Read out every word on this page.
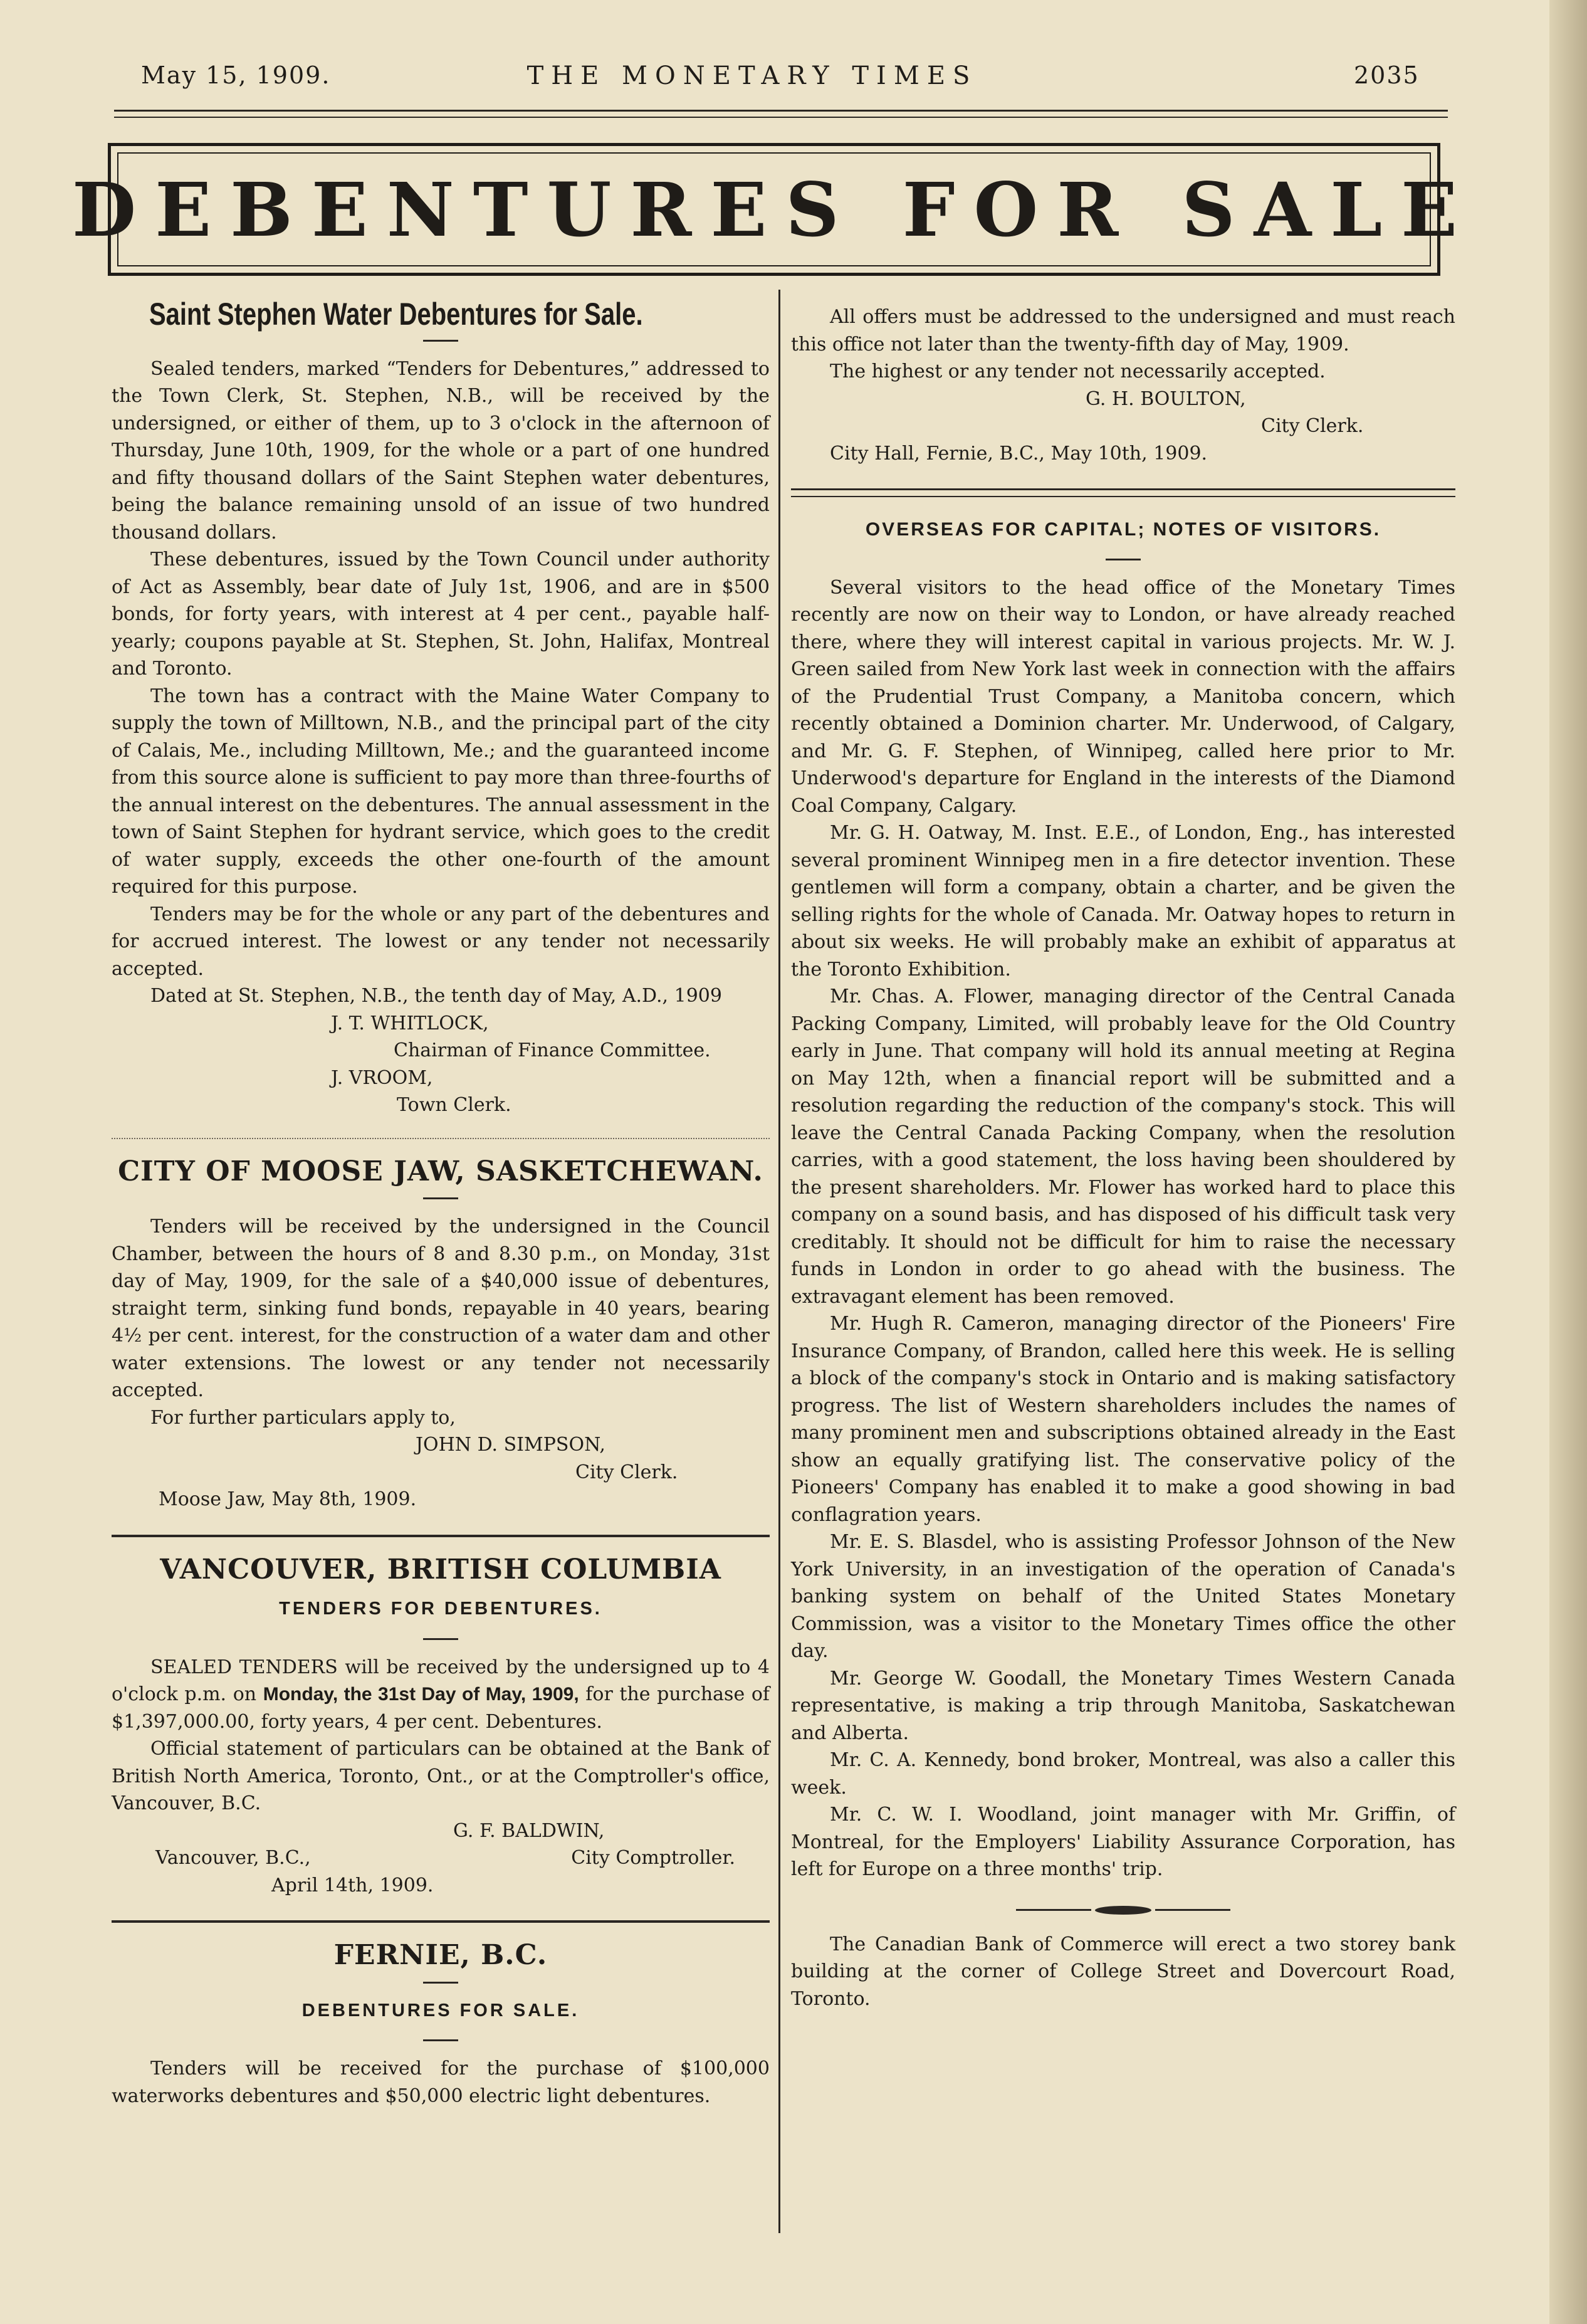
May 15, 1909.	THE MONETARY TIMES	2035
DEBENTURES FOR SALE
Saint Stephen Water Debentures for Sale.

Sealed tenders, marked “Tenders for Debentures,” addressed to the Town Clerk, St. Stephen, N.B., will be received by the undersigned, or either of them, up to 3 o'clock in the afternoon of Thursday, June 10th, 1909, for the whole or a part of one hundred and fifty thousand dollars of the Saint Stephen water debentures, being the balance remaining unsold of an issue of two hundred thousand dollars.

These debentures, issued by the Town Council under authority of Act as Assembly, bear date of July 1st, 1906, and are in $500 bonds, for forty years, with interest at 4 per cent., payable half-yearly; coupons payable at St. Stephen, St. John, Halifax, Montreal and Toronto.

The town has a contract with the Maine Water Company to supply the town of Milltown, N.B., and the principal part of the city of Calais, Me., including Milltown, Me.; and the guaranteed income from this source alone is sufficient to pay more than three-fourths of the annual interest on the debentures. The annual assessment in the town of Saint Stephen for hydrant service, which goes to the credit of water supply, exceeds the other one-fourth of the amount required for this purpose.

Tenders may be for the whole or any part of the debentures and for accrued interest. The lowest or any tender not necessarily accepted.

Dated at St. Stephen, N.B., the tenth day of May, A.D., 1909

J. T. WHITLOCK,

Chairman of Finance Committee.

J. VROOM,

Town Clerk.

CITY OF MOOSE JAW, SASKETCHEWAN.

Tenders will be received by the undersigned in the Council Chamber, between the hours of 8 and 8.30 p.m., on Monday, 31st day of May, 1909, for the sale of a $40,000 issue of debentures, straight term, sinking fund bonds, repayable in 40 years, bearing 4½ per cent. interest, for the construction of a water dam and other water extensions. The lowest or any tender not necessarily accepted.

For further particulars apply to,

JOHN D. SIMPSON,

City Clerk.

Moose Jaw, May 8th, 1909.

VANCOUVER, BRITISH COLUMBIA
TENDERS FOR DEBENTURES.

SEALED TENDERS will be received by the undersigned up to 4 o'clock p.m. on Monday, the 31st Day of May, 1909, for the purchase of $1,397,000.00, forty years, 4 per cent. Debentures.

Official statement of particulars can be obtained at the Bank of British North America, Toronto, Ont., or at the Comptroller's office, Vancouver, B.C.

G. F. BALDWIN,

Vancouver, B.C.,	City Comptroller.

April 14th, 1909.

FERNIE, B.C.
DEBENTURES FOR SALE.

Tenders will be received for the purchase of $100,000 waterworks debentures and $50,000 electric light debentures.

All offers must be addressed to the undersigned and must reach this office not later than the twenty-fifth day of May, 1909.

The highest or any tender not necessarily accepted.

G. H. BOULTON,

City Clerk.

City Hall, Fernie, B.C., May 10th, 1909.

OVERSEAS FOR CAPITAL; NOTES OF VISITORS.

Several visitors to the head office of the Monetary Times recently are now on their way to London, or have already reached there, where they will interest capital in various projects. Mr. W. J. Green sailed from New York last week in connection with the affairs of the Prudential Trust Company, a Manitoba concern, which recently obtained a Dominion charter. Mr. Underwood, of Calgary, and Mr. G. F. Stephen, of Winnipeg, called here prior to Mr. Underwood's departure for England in the interests of the Diamond Coal Company, Calgary.

Mr. G. H. Oatway, M. Inst. E.E., of London, Eng., has interested several prominent Winnipeg men in a fire detector invention. These gentlemen will form a company, obtain a charter, and be given the selling rights for the whole of Canada. Mr. Oatway hopes to return in about six weeks. He will probably make an exhibit of apparatus at the Toronto Exhibition.

Mr. Chas. A. Flower, managing director of the Central Canada Packing Company, Limited, will probably leave for the Old Country early in June. That company will hold its annual meeting at Regina on May 12th, when a financial report will be submitted and a resolution regarding the reduction of the company's stock. This will leave the Central Canada Packing Company, when the resolution carries, with a good statement, the loss having been shouldered by the present shareholders. Mr. Flower has worked hard to place this company on a sound basis, and has disposed of his difficult task very creditably. It should not be difficult for him to raise the necessary funds in London in order to go ahead with the business. The extravagant element has been removed.

Mr. Hugh R. Cameron, managing director of the Pioneers' Fire Insurance Company, of Brandon, called here this week. He is selling a block of the company's stock in Ontario and is making satisfactory progress. The list of Western shareholders includes the names of many prominent men and subscriptions obtained already in the East show an equally gratifying list. The conservative policy of the Pioneers' Company has enabled it to make a good showing in bad conflagration years.

Mr. E. S. Blasdel, who is assisting Professor Johnson of the New York University, in an investigation of the operation of Canada's banking system on behalf of the United States Monetary Commission, was a visitor to the Monetary Times office the other day.

Mr. George W. Goodall, the Monetary Times Western Canada representative, is making a trip through Manitoba, Saskatchewan and Alberta.

Mr. C. A. Kennedy, bond broker, Montreal, was also a caller this week.

Mr. C. W. I. Woodland, joint manager with Mr. Griffin, of Montreal, for the Employers' Liability Assurance Corporation, has left for Europe on a three months' trip.

The Canadian Bank of Commerce will erect a two storey bank building at the corner of College Street and Dovercourt Road, Toronto.
